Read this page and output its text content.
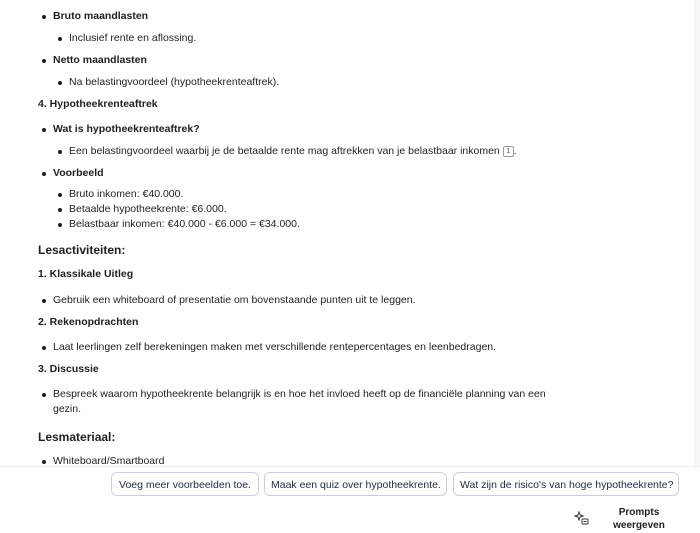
Bruto maandlasten
Inclusief rente en aflossing.
Netto maandlasten
Na belastingvoordeel (hypotheekrenteaftrek).
4. Hypotheekrenteaftrek
Wat is hypotheekrenteaftrek?
Een belastingvoordeel waarbij je de betaalde rente mag aftrekken van je belastbaar inkomen 1 .
Voorbeeld
Bruto inkomen: €40.000.
Betaalde hypotheekrente: €6.000.
Belastbaar inkomen: €40.000 - €6.000 = €34.000.
Lesactiviteiten:
1. Klassikale Uitleg
Gebruik een whiteboard of presentatie om bovenstaande punten uit te leggen.
2. Rekenopdrachten
Laat leerlingen zelf berekeningen maken met verschillende rentepercentages en leenbedragen.
3. Discussie
Bespreek waarom hypotheekrente belangrijk is en hoe het invloed heeft op de financiële planning van een
gezin.
Lesmateriaal:
Whiteboard/Smartboard
Voeg meer voorbeelden toe.	Maak een quiz over hypotheekrente.	Wat zijn de risico's van hoge hypotheekrente?
Prompts weergeven
